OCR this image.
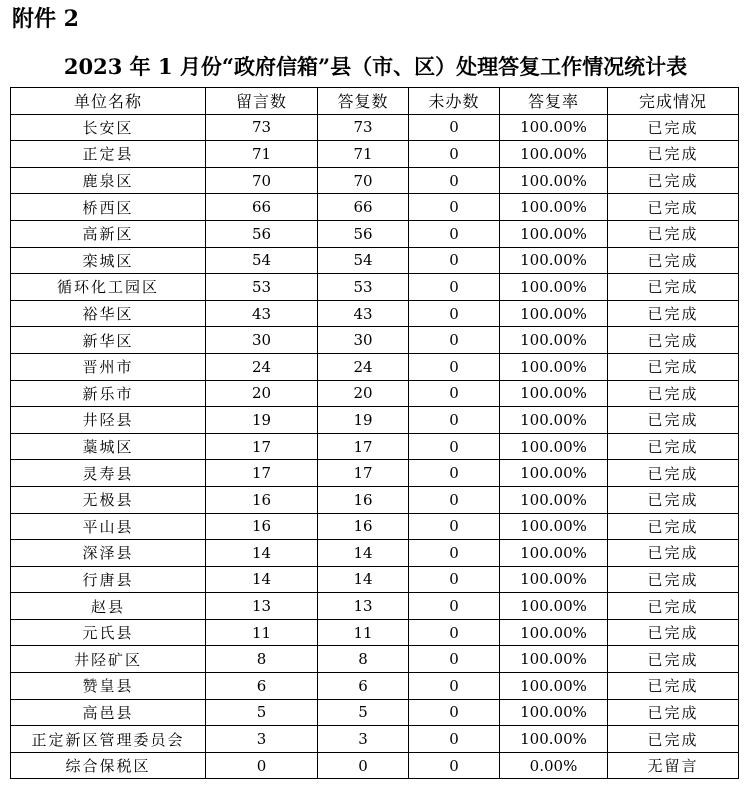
附件 2
2023 年 1 月份“政府信箱”县（市、区）处理答复工作情况统计表
单位名称	留言数	答复数	未办数	答复率	完成情况
长安区	73	73	0	100.00%	已完成
正定县	71	71	0	100.00%	已完成
鹿泉区	70	70	0	100.00%	已完成
桥西区	66	66	0	100.00%	已完成
高新区	56	56	0	100.00%	已完成
栾城区	54	54	0	100.00%	已完成
循环化工园区	53	53	0	100.00%	已完成
裕华区	43	43	0	100.00%	已完成
新华区	30	30	0	100.00%	已完成
晋州市	24	24	0	100.00%	已完成
新乐市	20	20	0	100.00%	已完成
井陉县	19	19	0	100.00%	已完成
藁城区	17	17	0	100.00%	已完成
灵寿县	17	17	0	100.00%	已完成
无极县	16	16	0	100.00%	已完成
平山县	16	16	0	100.00%	已完成
深泽县	14	14	0	100.00%	已完成
行唐县	14	14	0	100.00%	已完成
赵县	13	13	0	100.00%	已完成
元氏县	11	11	0	100.00%	已完成
井陉矿区	8	8	0	100.00%	已完成
赞皇县	6	6	0	100.00%	已完成
高邑县	5	5	0	100.00%	已完成
正定新区管理委员会	3	3	0	100.00%	已完成
综合保税区	0	0	0	0.00%	无留言
